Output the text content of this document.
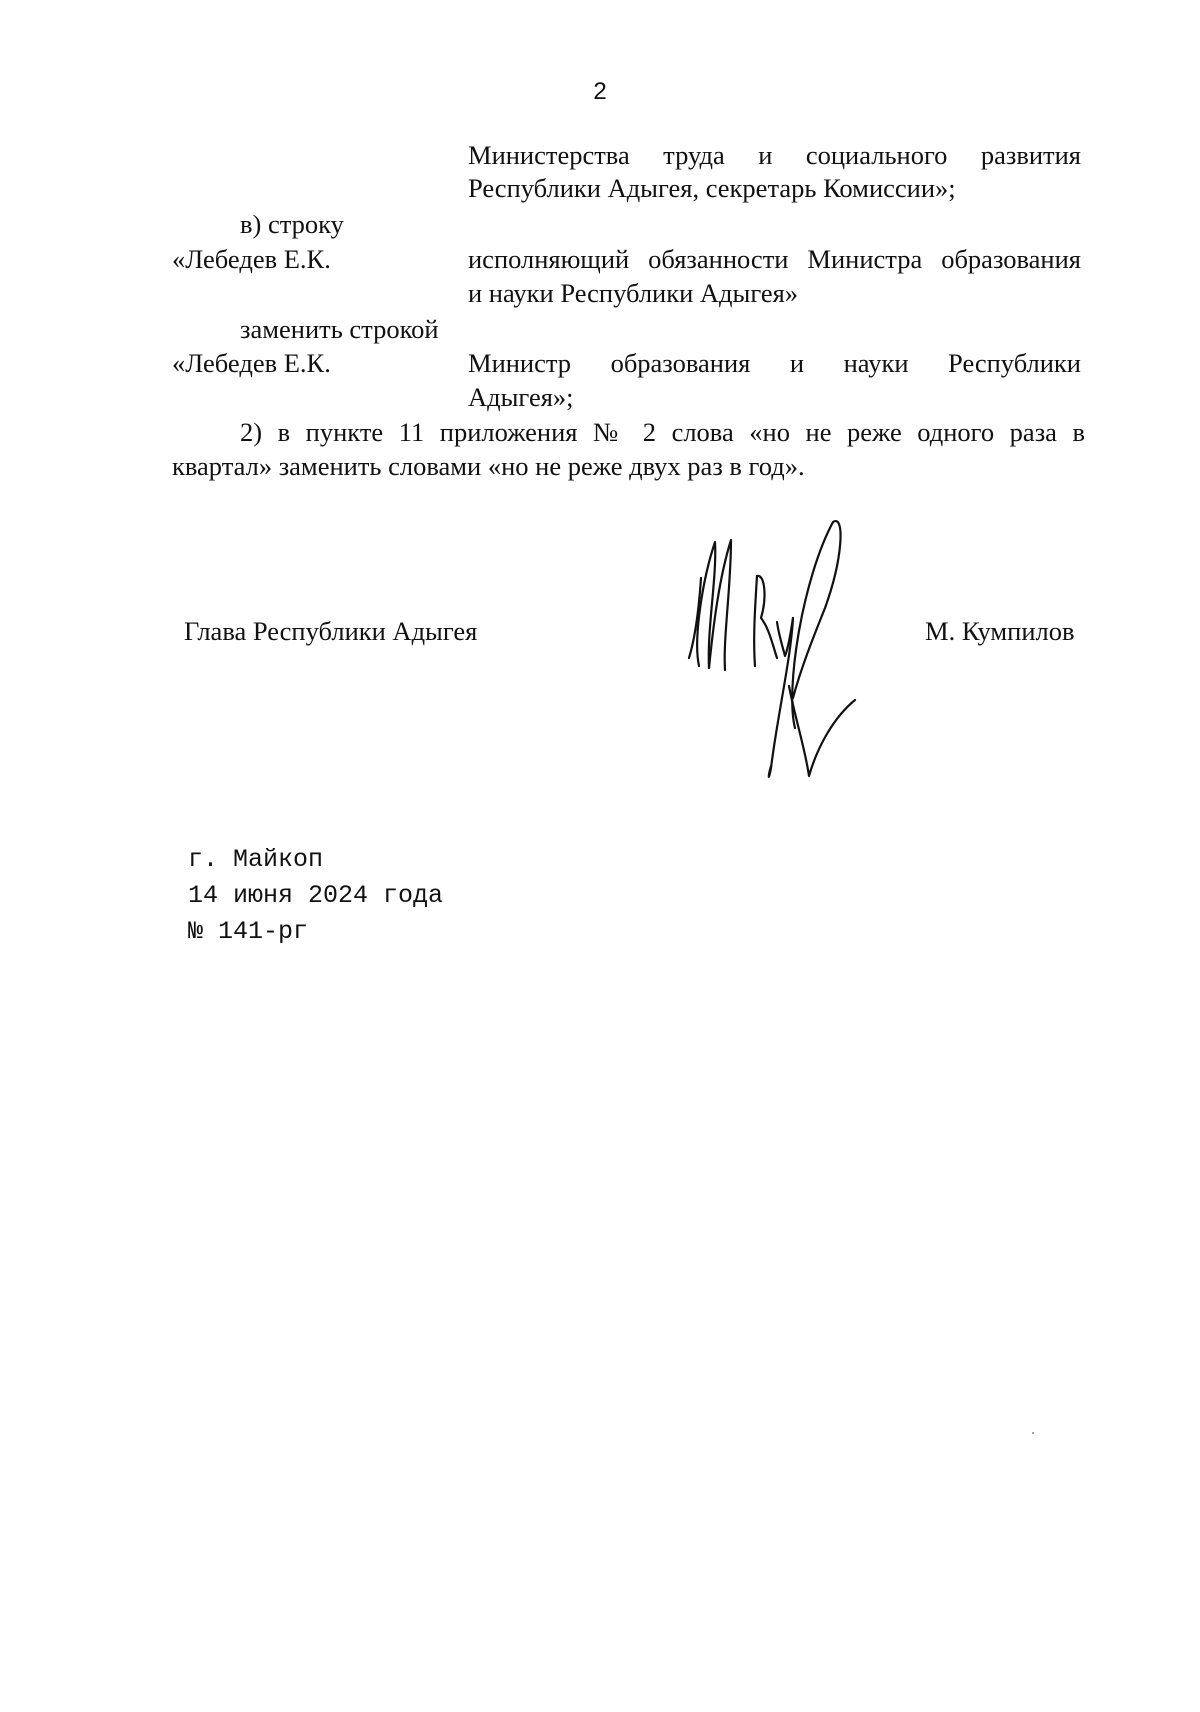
2
Министерства труда и социального развития
Республики Адыгея, секретарь Комиссии»;
в) строку
«Лебедев Е.К.	исполняющий обязанности Министра образования
и науки Республики Адыгея»
заменить строкой
«Лебедев Е.К.	Министр образования и науки Республики
Адыгея»;
2) в пункте 11 приложения № 2 слова «но не реже одного раза в
квартал» заменить словами «но не реже двух раз в год».
Глава Республики Адыгея	М. Кумпилов
г. Майкоп
14 июня 2024 года
№ 141-рг
